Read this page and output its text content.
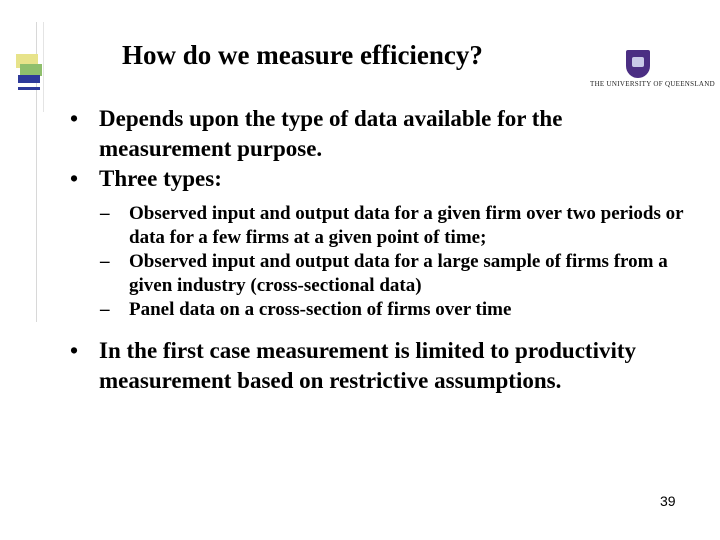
How do we measure efficiency?
THE UNIVERSITY OF QUEENSLAND
• Depends upon the type of data available for the measurement purpose.
• Three types:
– Observed input and output data for a given firm over two periods or data for a few firms at a given point of time;
– Observed input and output data for a large sample of firms from a given industry (cross-sectional data)
– Panel data on a cross-section of firms over time
• In the first case measurement is limited to productivity measurement based on restrictive assumptions.
39
